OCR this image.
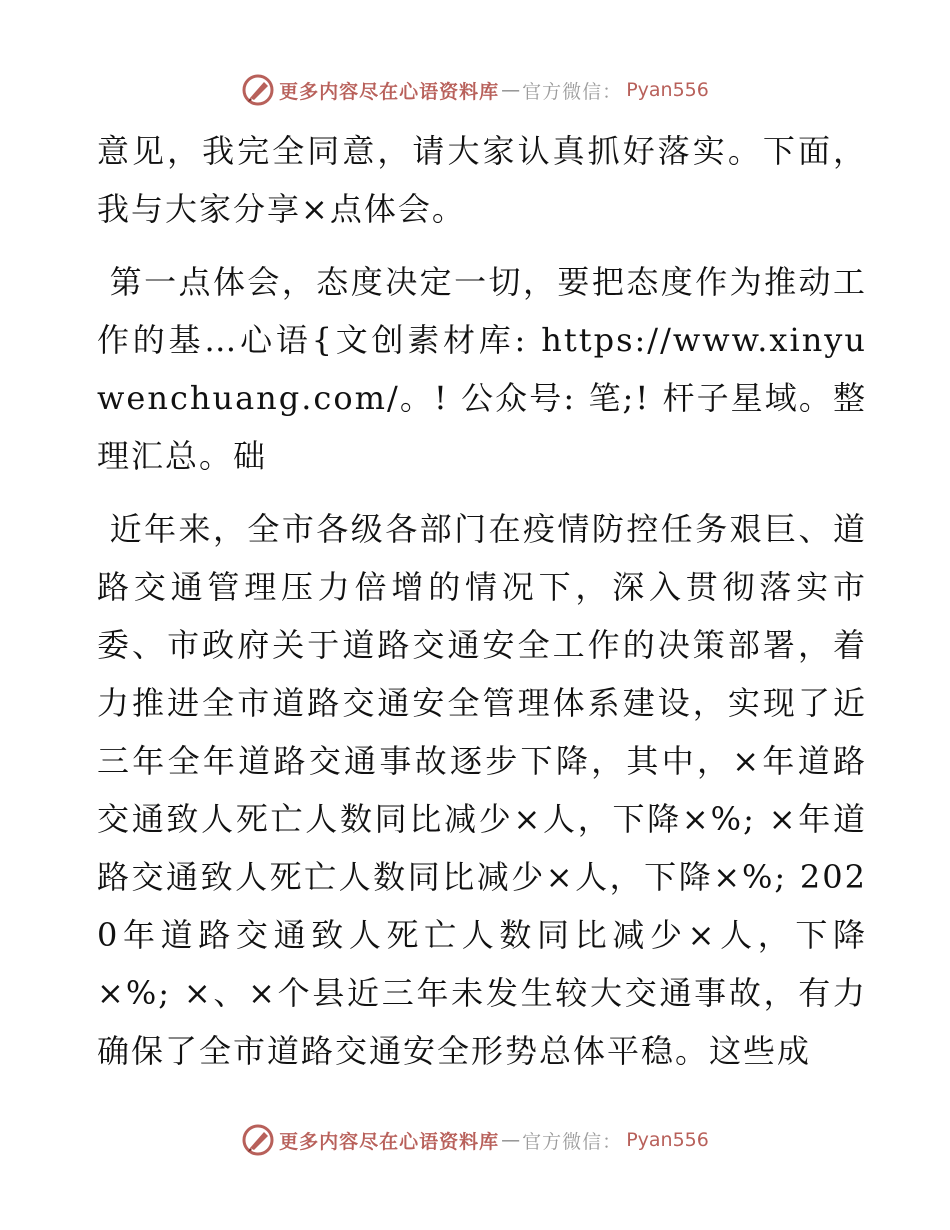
更多内容尽在心语资料库 — 官方微信： Pyan556

意见，我完全同意，请大家认真抓好落实。下面，我与大家分享×点体会。

第一点体会，态度决定一切，要把态度作为推动工作的基…心语{文创素材库: https://www.xinyuwenchuang.com/。! 公众号: 笔;! 杆子星域。整理汇总。础

近年来，全市各级各部门在疫情防控任务艰巨、道路交通管理压力倍增的情况下，深入贯彻落实市委、市政府关于道路交通安全工作的决策部署，着力推进全市道路交通安全管理体系建设，实现了近三年全年道路交通事故逐步下降，其中，×年道路交通致人死亡人数同比减少×人，下降×%; ×年道路交通致人死亡人数同比减少×人，下降×%; 2020年道路交通致人死亡人数同比减少×人，下降×%; ×、×个县近三年未发生较大交通事故，有力确保了全市道路交通安全形势总体平稳。这些成

更多内容尽在心语资料库 — 官方微信： Pyan556
